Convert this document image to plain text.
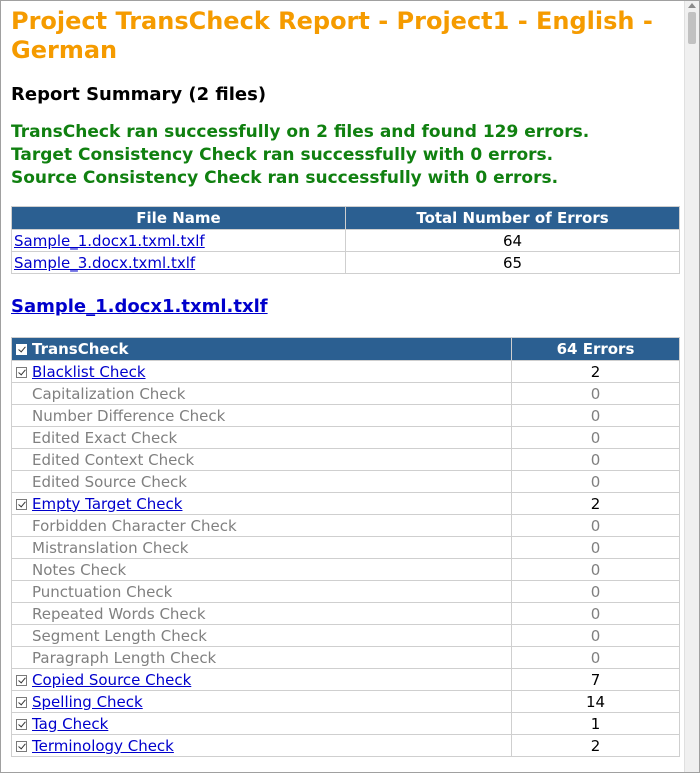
Project TransCheck Report - Project1 - English - German
Report Summary (2 files)
TransCheck ran successfully on 2 files and found 129 errors.
Target Consistency Check ran successfully with 0 errors.
Source Consistency Check ran successfully with 0 errors.
File Name	Total Number of Errors
Sample_1.docx1.txml.txlf	64
Sample_3.docx.txml.txlf	65
Sample_1.docx1.txml.txlf
TransCheck	64 Errors
Blacklist Check	2
Capitalization Check	0
Number Difference Check	0
Edited Exact Check	0
Edited Context Check	0
Edited Source Check	0
Empty Target Check	2
Forbidden Character Check	0
Mistranslation Check	0
Notes Check	0
Punctuation Check	0
Repeated Words Check	0
Segment Length Check	0
Paragraph Length Check	0
Copied Source Check	7
Spelling Check	14
Tag Check	1
Terminology Check	2
